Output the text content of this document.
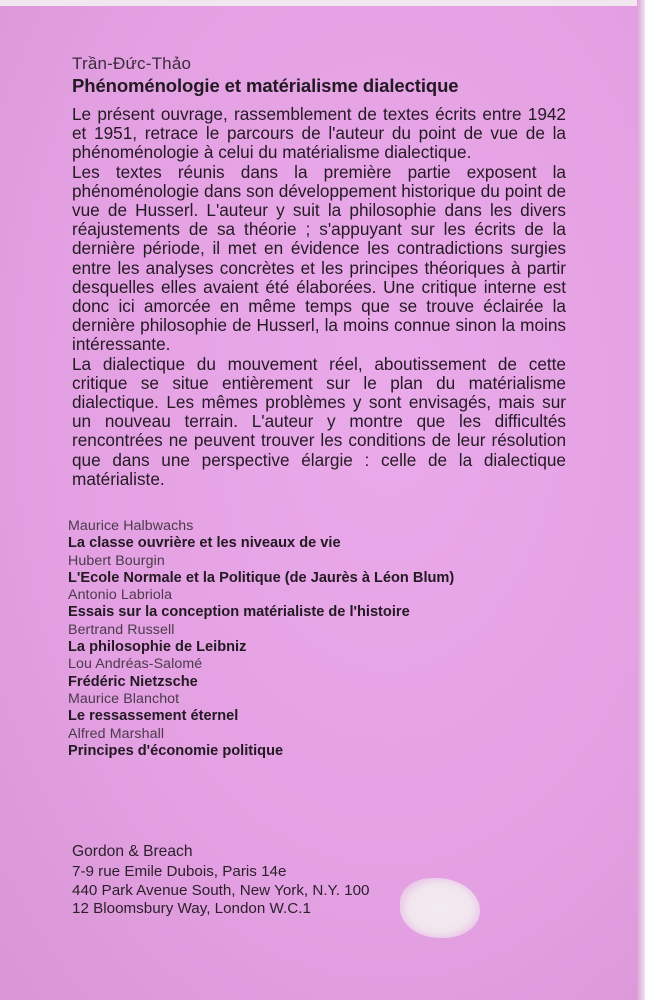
Trần-Đức-Thảo
Phénoménologie et matérialisme dialectique

Le présent ouvrage, rassemblement de textes écrits entre 1942 et 1951, retrace le parcours de l'auteur du point de vue de la phénoménologie à celui du matérialisme dialectique.

Les textes réunis dans la première partie exposent la phénoménologie dans son développement historique du point de vue de Husserl. L'auteur y suit la philosophie dans les divers réajustements de sa théorie ; s'appuyant sur les écrits de la dernière période, il met en évidence les contradictions surgies entre les analyses concrètes et les principes théoriques à partir desquelles elles avaient été élaborées. Une critique interne est donc ici amorcée en même temps que se trouve éclairée la dernière philosophie de Husserl, la moins connue sinon la moins intéressante.

La dialectique du mouvement réel, aboutissement de cette critique se situe entièrement sur le plan du matérialisme dialectique. Les mêmes problèmes y sont envisagés, mais sur un nouveau terrain. L'auteur y montre que les difficultés rencontrées ne peuvent trouver les conditions de leur résolution que dans une perspective élargie : celle de la dialectique matérialiste.

Maurice Halbwachs
La classe ouvrière et les niveaux de vie
Hubert Bourgin
L'Ecole Normale et la Politique (de Jaurès à Léon Blum)
Antonio Labriola
Essais sur la conception matérialiste de l'histoire
Bertrand Russell
La philosophie de Leibniz
Lou Andréas-Salomé
Frédéric Nietzsche
Maurice Blanchot
Le ressassement éternel
Alfred Marshall
Principes d'économie politique
Gordon & Breach
7-9 rue Emile Dubois, Paris 14e
440 Park Avenue South, New York, N.Y. 100
12 Bloomsbury Way, London W.C.1
